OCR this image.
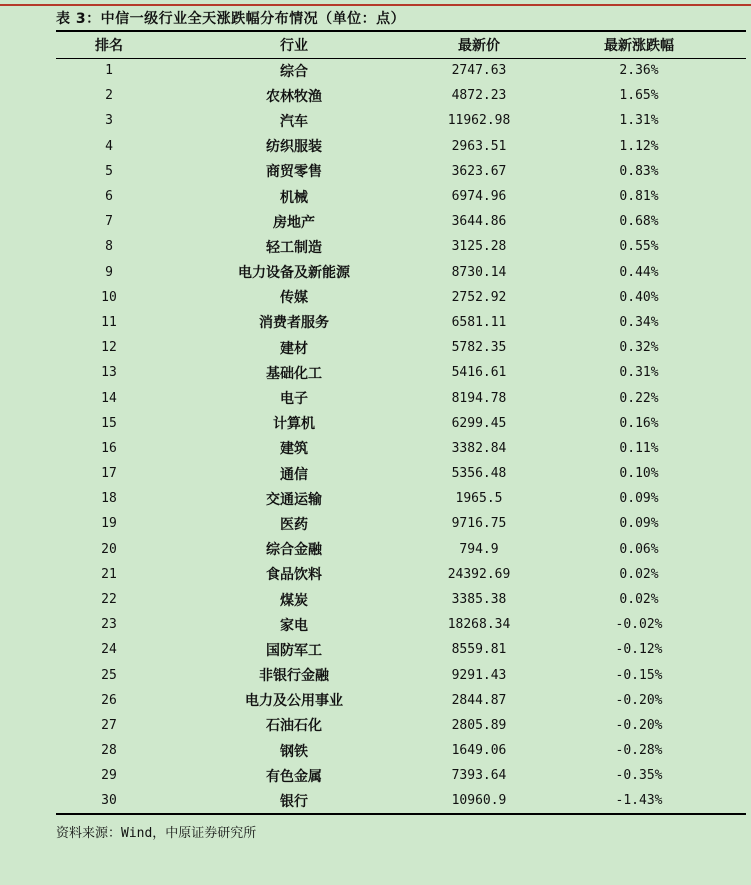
表 3：中信一级行业全天涨跌幅分布情况（单位：点）
排名	行业	最新价	最新涨跌幅
1	综合	2747.63	2.36%
2	农林牧渔	4872.23	1.65%
3	汽车	11962.98	1.31%
4	纺织服装	2963.51	1.12%
5	商贸零售	3623.67	0.83%
6	机械	6974.96	0.81%
7	房地产	3644.86	0.68%
8	轻工制造	3125.28	0.55%
9	电力设备及新能源	8730.14	0.44%
10	传媒	2752.92	0.40%
11	消费者服务	6581.11	0.34%
12	建材	5782.35	0.32%
13	基础化工	5416.61	0.31%
14	电子	8194.78	0.22%
15	计算机	6299.45	0.16%
16	建筑	3382.84	0.11%
17	通信	5356.48	0.10%
18	交通运输	1965.5	0.09%
19	医药	9716.75	0.09%
20	综合金融	794.9	0.06%
21	食品饮料	24392.69	0.02%
22	煤炭	3385.38	0.02%
23	家电	18268.34	-0.02%
24	国防军工	8559.81	-0.12%
25	非银行金融	9291.43	-0.15%
26	电力及公用事业	2844.87	-0.20%
27	石油石化	2805.89	-0.20%
28	钢铁	1649.06	-0.28%
29	有色金属	7393.64	-0.35%
30	银行	10960.9	-1.43%
资料来源：Wind，中原证券研究所
